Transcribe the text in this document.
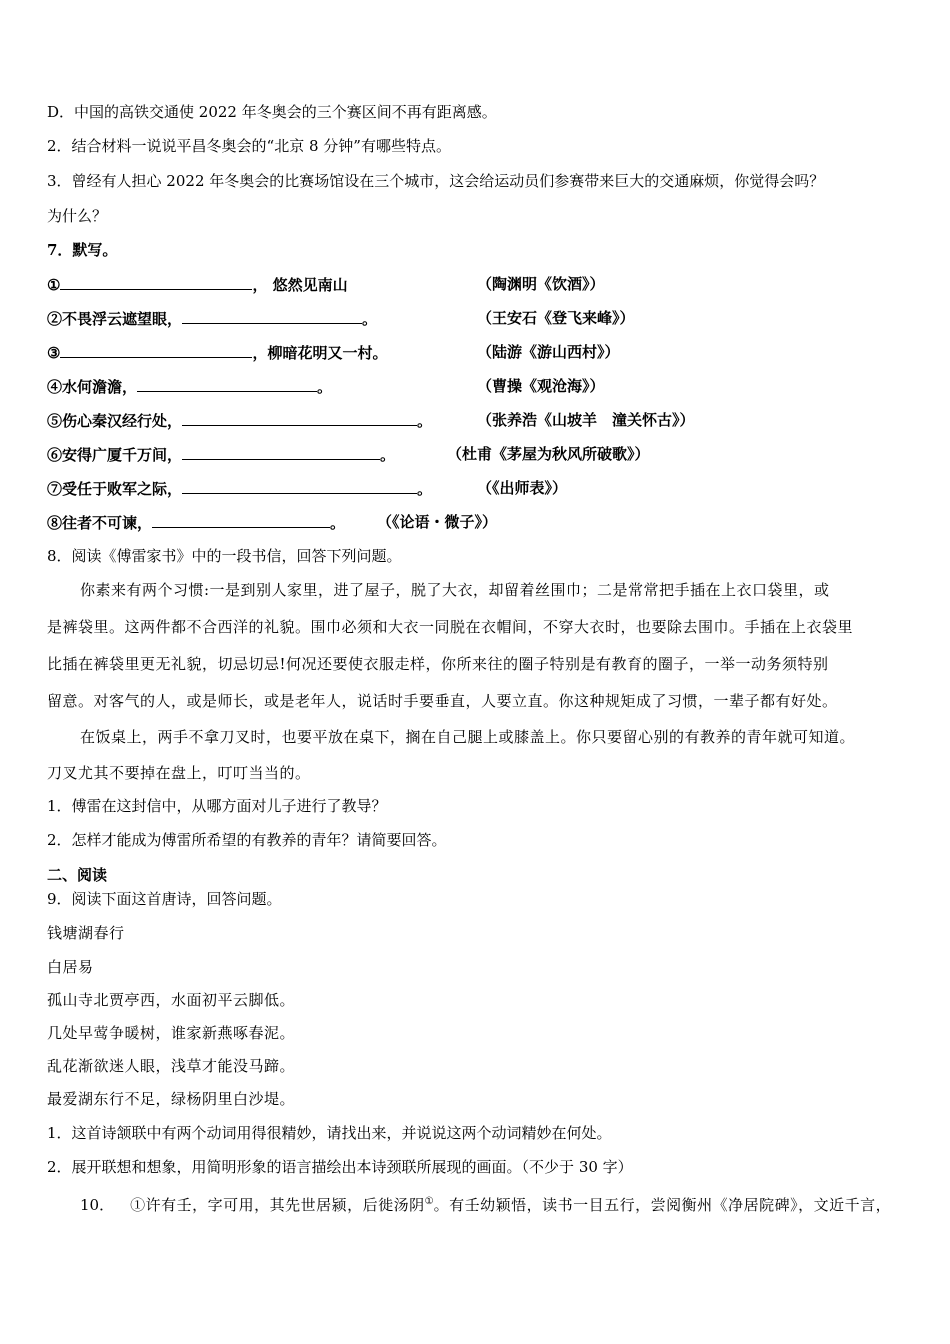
D．中国的高铁交通使 2022 年冬奥会的三个赛区间不再有距离感。
2．结合材料一说说平昌冬奥会的“北京 8 分钟”有哪些特点。
3．曾经有人担心 2022 年冬奥会的比赛场馆设在三个城市，这会给运动员们参赛带来巨大的交通麻烦，你觉得会吗？
为什么？
7．默写。
①	， 悠然见南山	（陶渊明《饮酒》）
②不畏浮云遮望眼，	。	（王安石《登飞来峰》）
③	，柳暗花明又一村。	（陆游《游山西村》）
④水何澹澹，	。	（曹操《观沧海》）
⑤伤心秦汉经行处，	。	（张养浩《山坡羊　潼关怀古》）
⑥安得广厦千万间，	。	（杜甫《茅屋为秋风所破歌》）
⑦受任于败军之际，	。	（《出师表》）
⑧往者不可谏，	。 （《论语・微子》）
8．阅读《傅雷家书》中的一段书信，回答下列问题。
你素来有两个习惯:一是到别人家里，进了屋子，脱了大衣，却留着丝围巾；二是常常把手插在上衣口袋里，或
是裤袋里。这两件都不合西洋的礼貌。围巾必须和大衣一同脱在衣帽间，不穿大衣时，也要除去围巾。手插在上衣袋里
比插在裤袋里更无礼貌，切忌切忌!何况还要使衣服走样，你所来往的圈子特别是有教育的圈子，一举一动务须特别
留意。对客气的人，或是师长，或是老年人，说话时手要垂直，人要立直。你这种规矩成了习惯，一辈子都有好处。
在饭桌上，两手不拿刀叉时，也要平放在桌下，搁在自己腿上或膝盖上。你只要留心别的有教养的青年就可知道。
刀叉尤其不要掉在盘上，叮叮当当的。
1．傅雷在这封信中，从哪方面对儿子进行了教导？
2．怎样才能成为傅雷所希望的有教养的青年？请简要回答。
二、阅读
9．阅读下面这首唐诗，回答问题。
钱塘湖春行
白居易
孤山寺北贾亭西，水面初平云脚低。
几处早莺争暖树，谁家新燕啄春泥。
乱花渐欲迷人眼，浅草才能没马蹄。
最爱湖东行不足，绿杨阴里白沙堤。
1．这首诗颔联中有两个动词用得很精妙，请找出来，并说说这两个动词精妙在何处。
2．展开联想和想象，用简明形象的语言描绘出本诗颈联所展现的画面。（不少于 30 字）
10． ①许有壬，字可用，其先世居颍，后徙汤阴①。有壬幼颖悟，读书一目五行，尝阅衡州《净居院碑》，文近千言，
